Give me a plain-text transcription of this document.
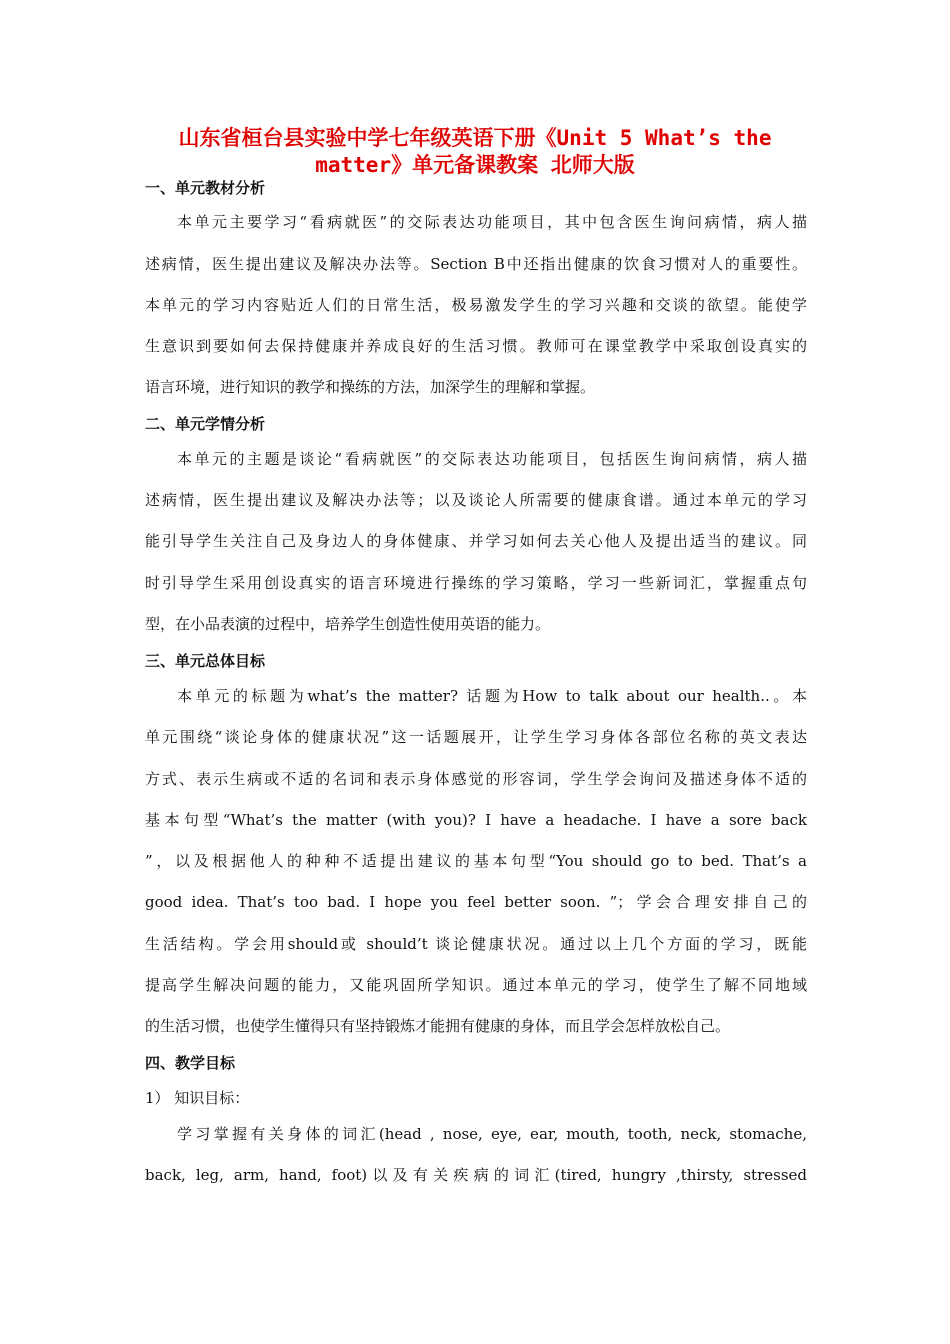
山东省桓台县实验中学七年级英语下册《Unit 5 What’s the
matter》单元备课教案 北师大版
一、单元教材分析
本单元主要学习“看病就医”的交际表达功能项目，其中包含医生询问病情，病人描
述病情，医生提出建议及解决办法等。Section B中还指出健康的饮食习惯对人的重要性。
本单元的学习内容贴近人们的日常生活，极易激发学生的学习兴趣和交谈的欲望。能使学
生意识到要如何去保持健康并养成良好的生活习惯。教师可在课堂教学中采取创设真实的
语言环境，进行知识的教学和操练的方法，加深学生的理解和掌握。
二、单元学情分析
本单元的主题是谈论“看病就医”的交际表达功能项目，包括医生询问病情，病人描
述病情，医生提出建议及解决办法等；以及谈论人所需要的健康食谱。通过本单元的学习
能引导学生关注自己及身边人的身体健康、并学习如何去关心他人及提出适当的建议。同
时引导学生采用创设真实的语言环境进行操练的学习策略，学习一些新词汇，掌握重点句
型，在小品表演的过程中，培养学生创造性使用英语的能力。
三、单元总体目标
本单元的标题为what’s the matter? 话题为How to talk about our health..。本
单元围绕“谈论身体的健康状况”这一话题展开，让学生学习身体各部位名称的英文表达
方式、表示生病或不适的名词和表示身体感觉的形容词，学生学会询问及描述身体不适的
基本句型“What’s the matter (with you)? I have a headache. I have a sore back
”，以及根据他人的种种不适提出建议的基本句型“You should go to bed. That’s a
good idea. That’s too bad. I hope you feel better soon. ”；学会合理安排自己的
生活结构。学会用should或 should’t 谈论健康状况。通过以上几个方面的学习，既能
提高学生解决问题的能力，又能巩固所学知识。通过本单元的学习，使学生了解不同地域
的生活习惯，也使学生懂得只有坚持锻炼才能拥有健康的身体，而且学会怎样放松自己。
四、教学目标
1） 知识目标：
学习掌握有关身体的词汇(head , nose, eye, ear, mouth, tooth, neck, stomache,
back, leg, arm, hand, foot)以及有关疾病的词汇(tired, hungry ,thirsty, stressed
